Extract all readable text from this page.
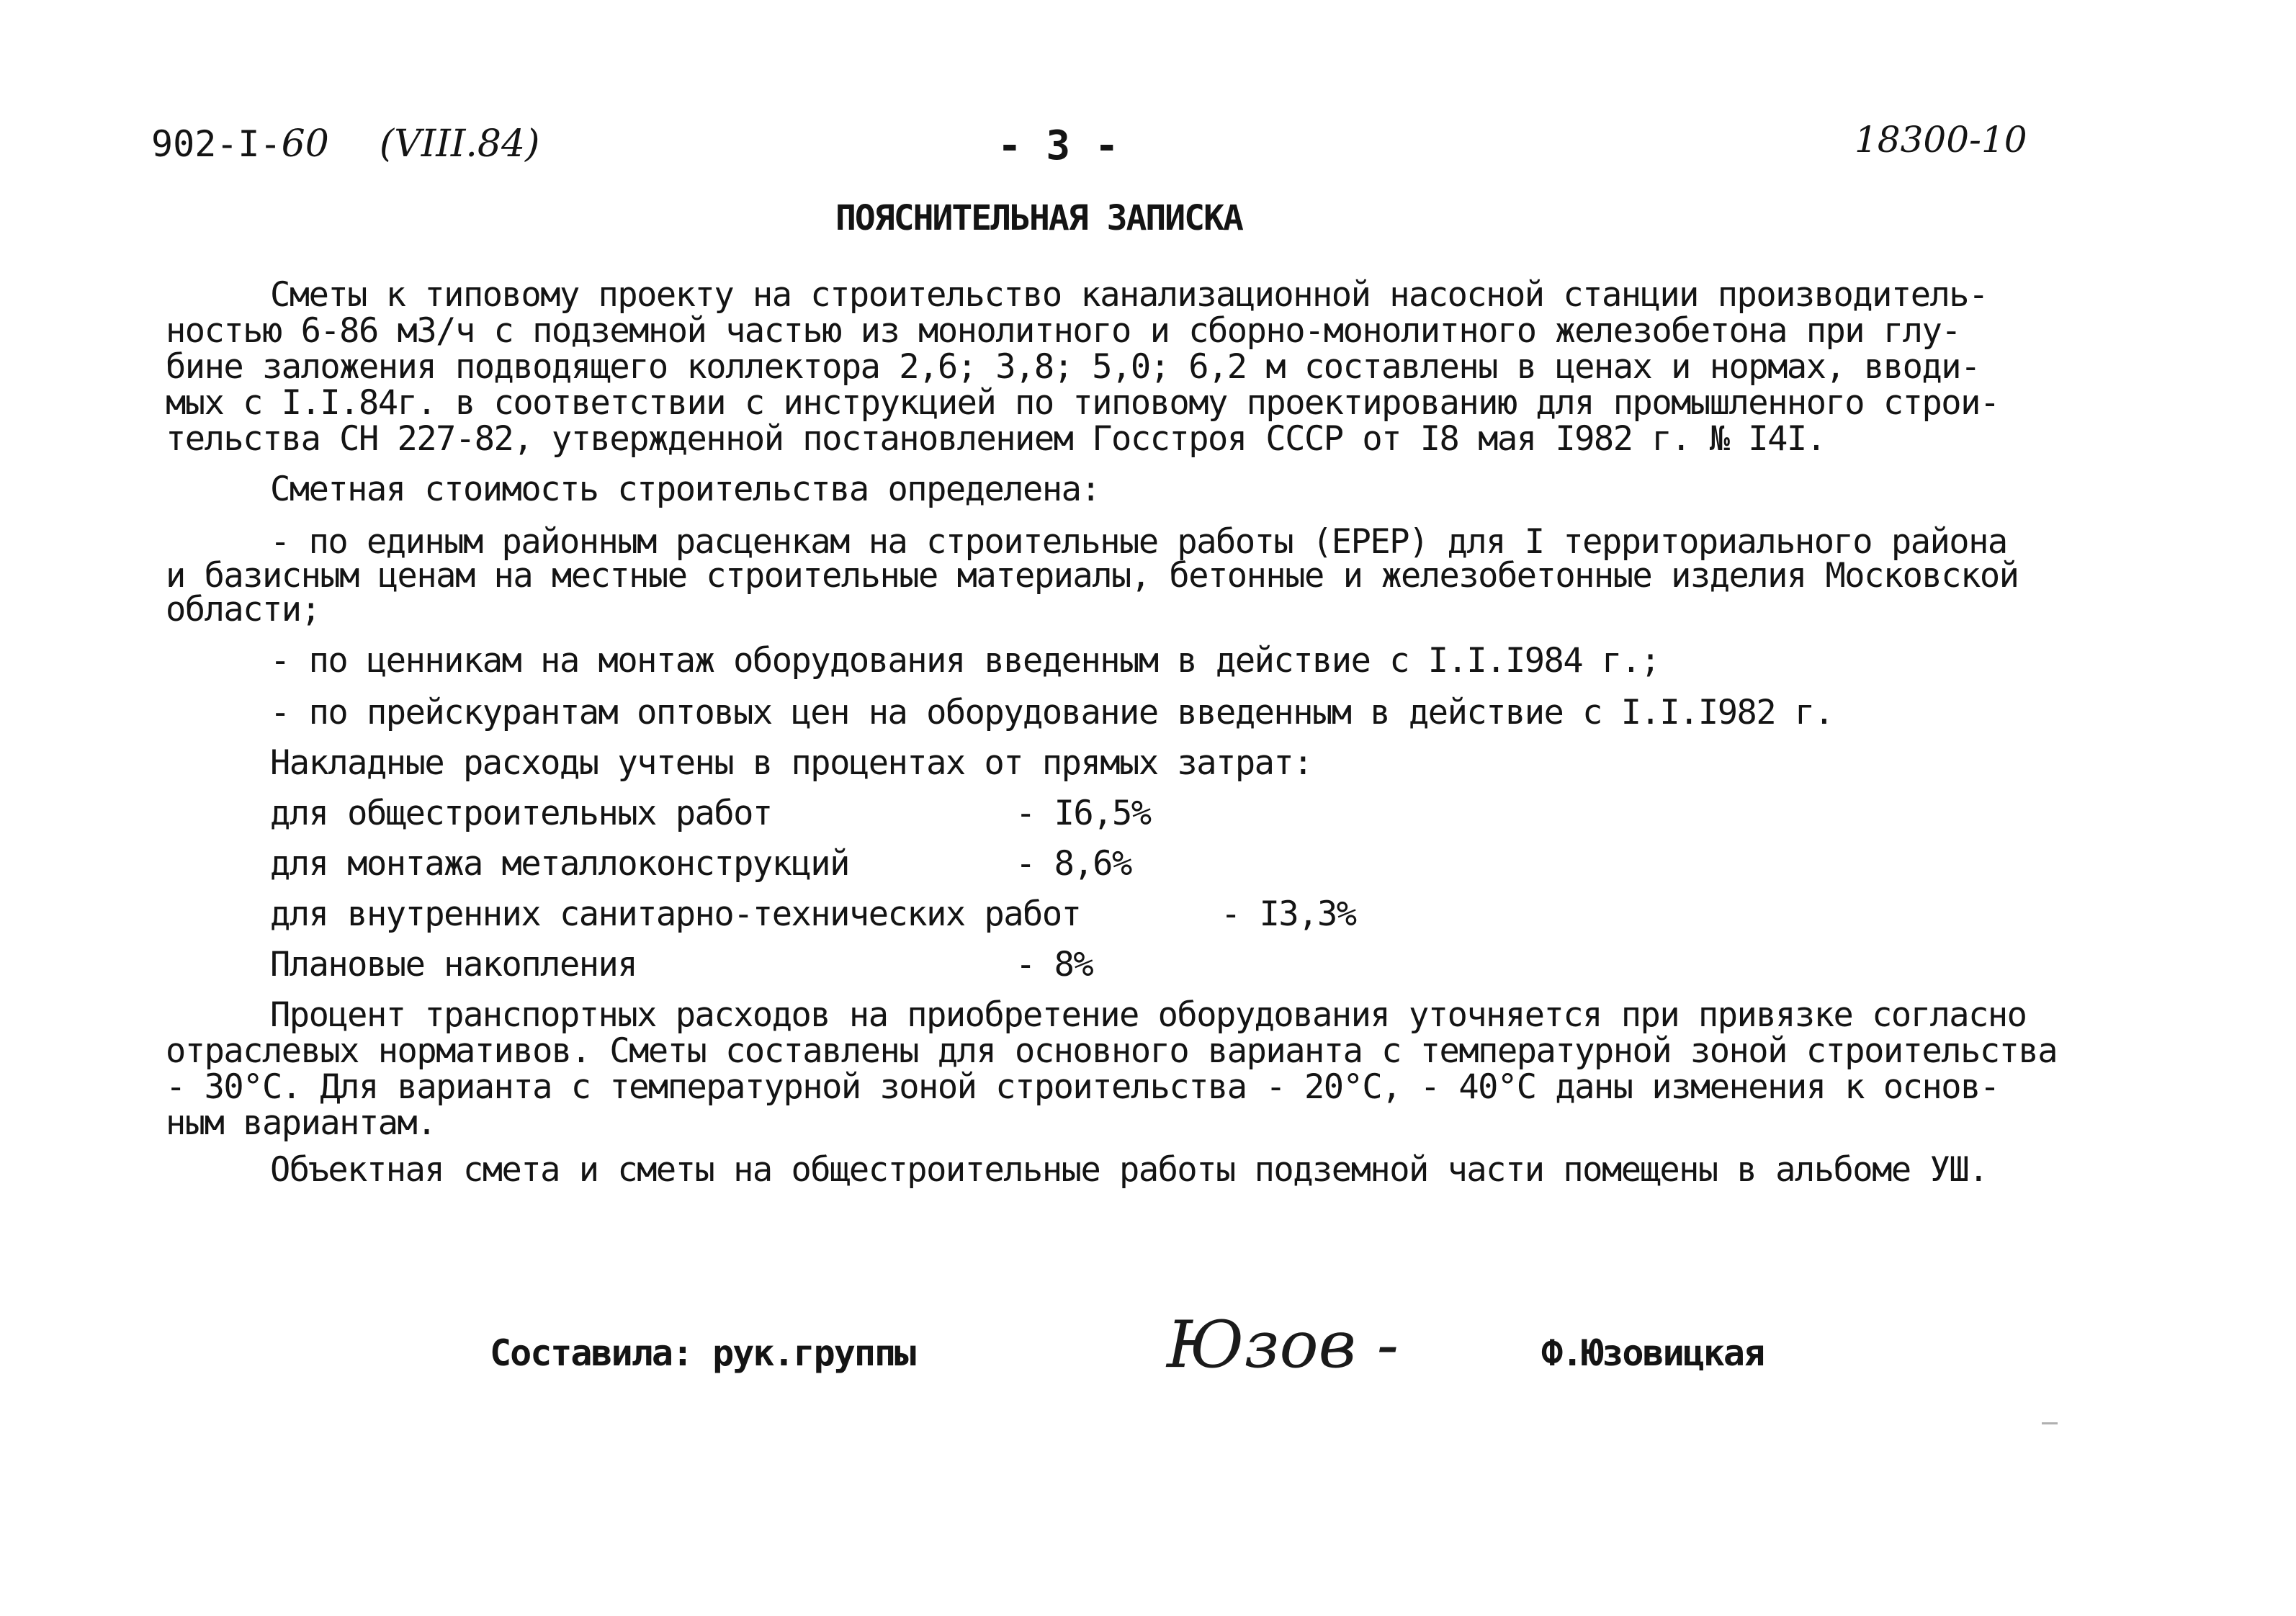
902-I-60 (VIII.84)	- 3 -	18300-10
ПОЯСНИТЕЛЬНАЯ ЗАПИСКА
Сметы к типовому проекту на строительство канализационной насосной станции производитель-
ностью 6-86 м3/ч с подземной частью из монолитного и сборно-монолитного железобетона при глу-
бине заложения подводящего коллектора 2,6; 3,8; 5,0; 6,2 м составлены в ценах и нормах, вводи-
мых с I.I.84г. в соответствии с инструкцией по типовому проектированию для промышленного строи-
тельства СН 227-82, утвержденной постановлением Госстроя СССР от I8 мая I982 г. № I4I.
Сметная стоимость строительства определена:
- по единым районным расценкам на строительные работы (ЕРЕР) для I территориального района
и базисным ценам на местные строительные материалы, бетонные и железобетонные изделия Московской
области;
- по ценникам на монтаж оборудования введенным в действие с I.I.I984 г.;
- по прейскурантам оптовых цен на оборудование введенным в действие с I.I.I982 г.
Накладные расходы учтены в процентах от прямых затрат:
для общестроительных работ	- I6,5%
для монтажа металлоконструкций	- 8,6%
для внутренних санитарно-технических работ	- I3,3%
Плановые накопления	- 8%
Процент транспортных расходов на приобретение оборудования уточняется при привязке согласно
отраслевых нормативов. Сметы составлены для основного варианта с температурной зоной строительства
- 30°С. Для варианта с температурной зоной строительства - 20°С, - 40°С даны изменения к основ-
ным вариантам.
Объектная смета и сметы на общестроительные работы подземной части помещены в альбоме УШ.
Составила: рук.группы	Юзов -	Ф.Юзовицкая
